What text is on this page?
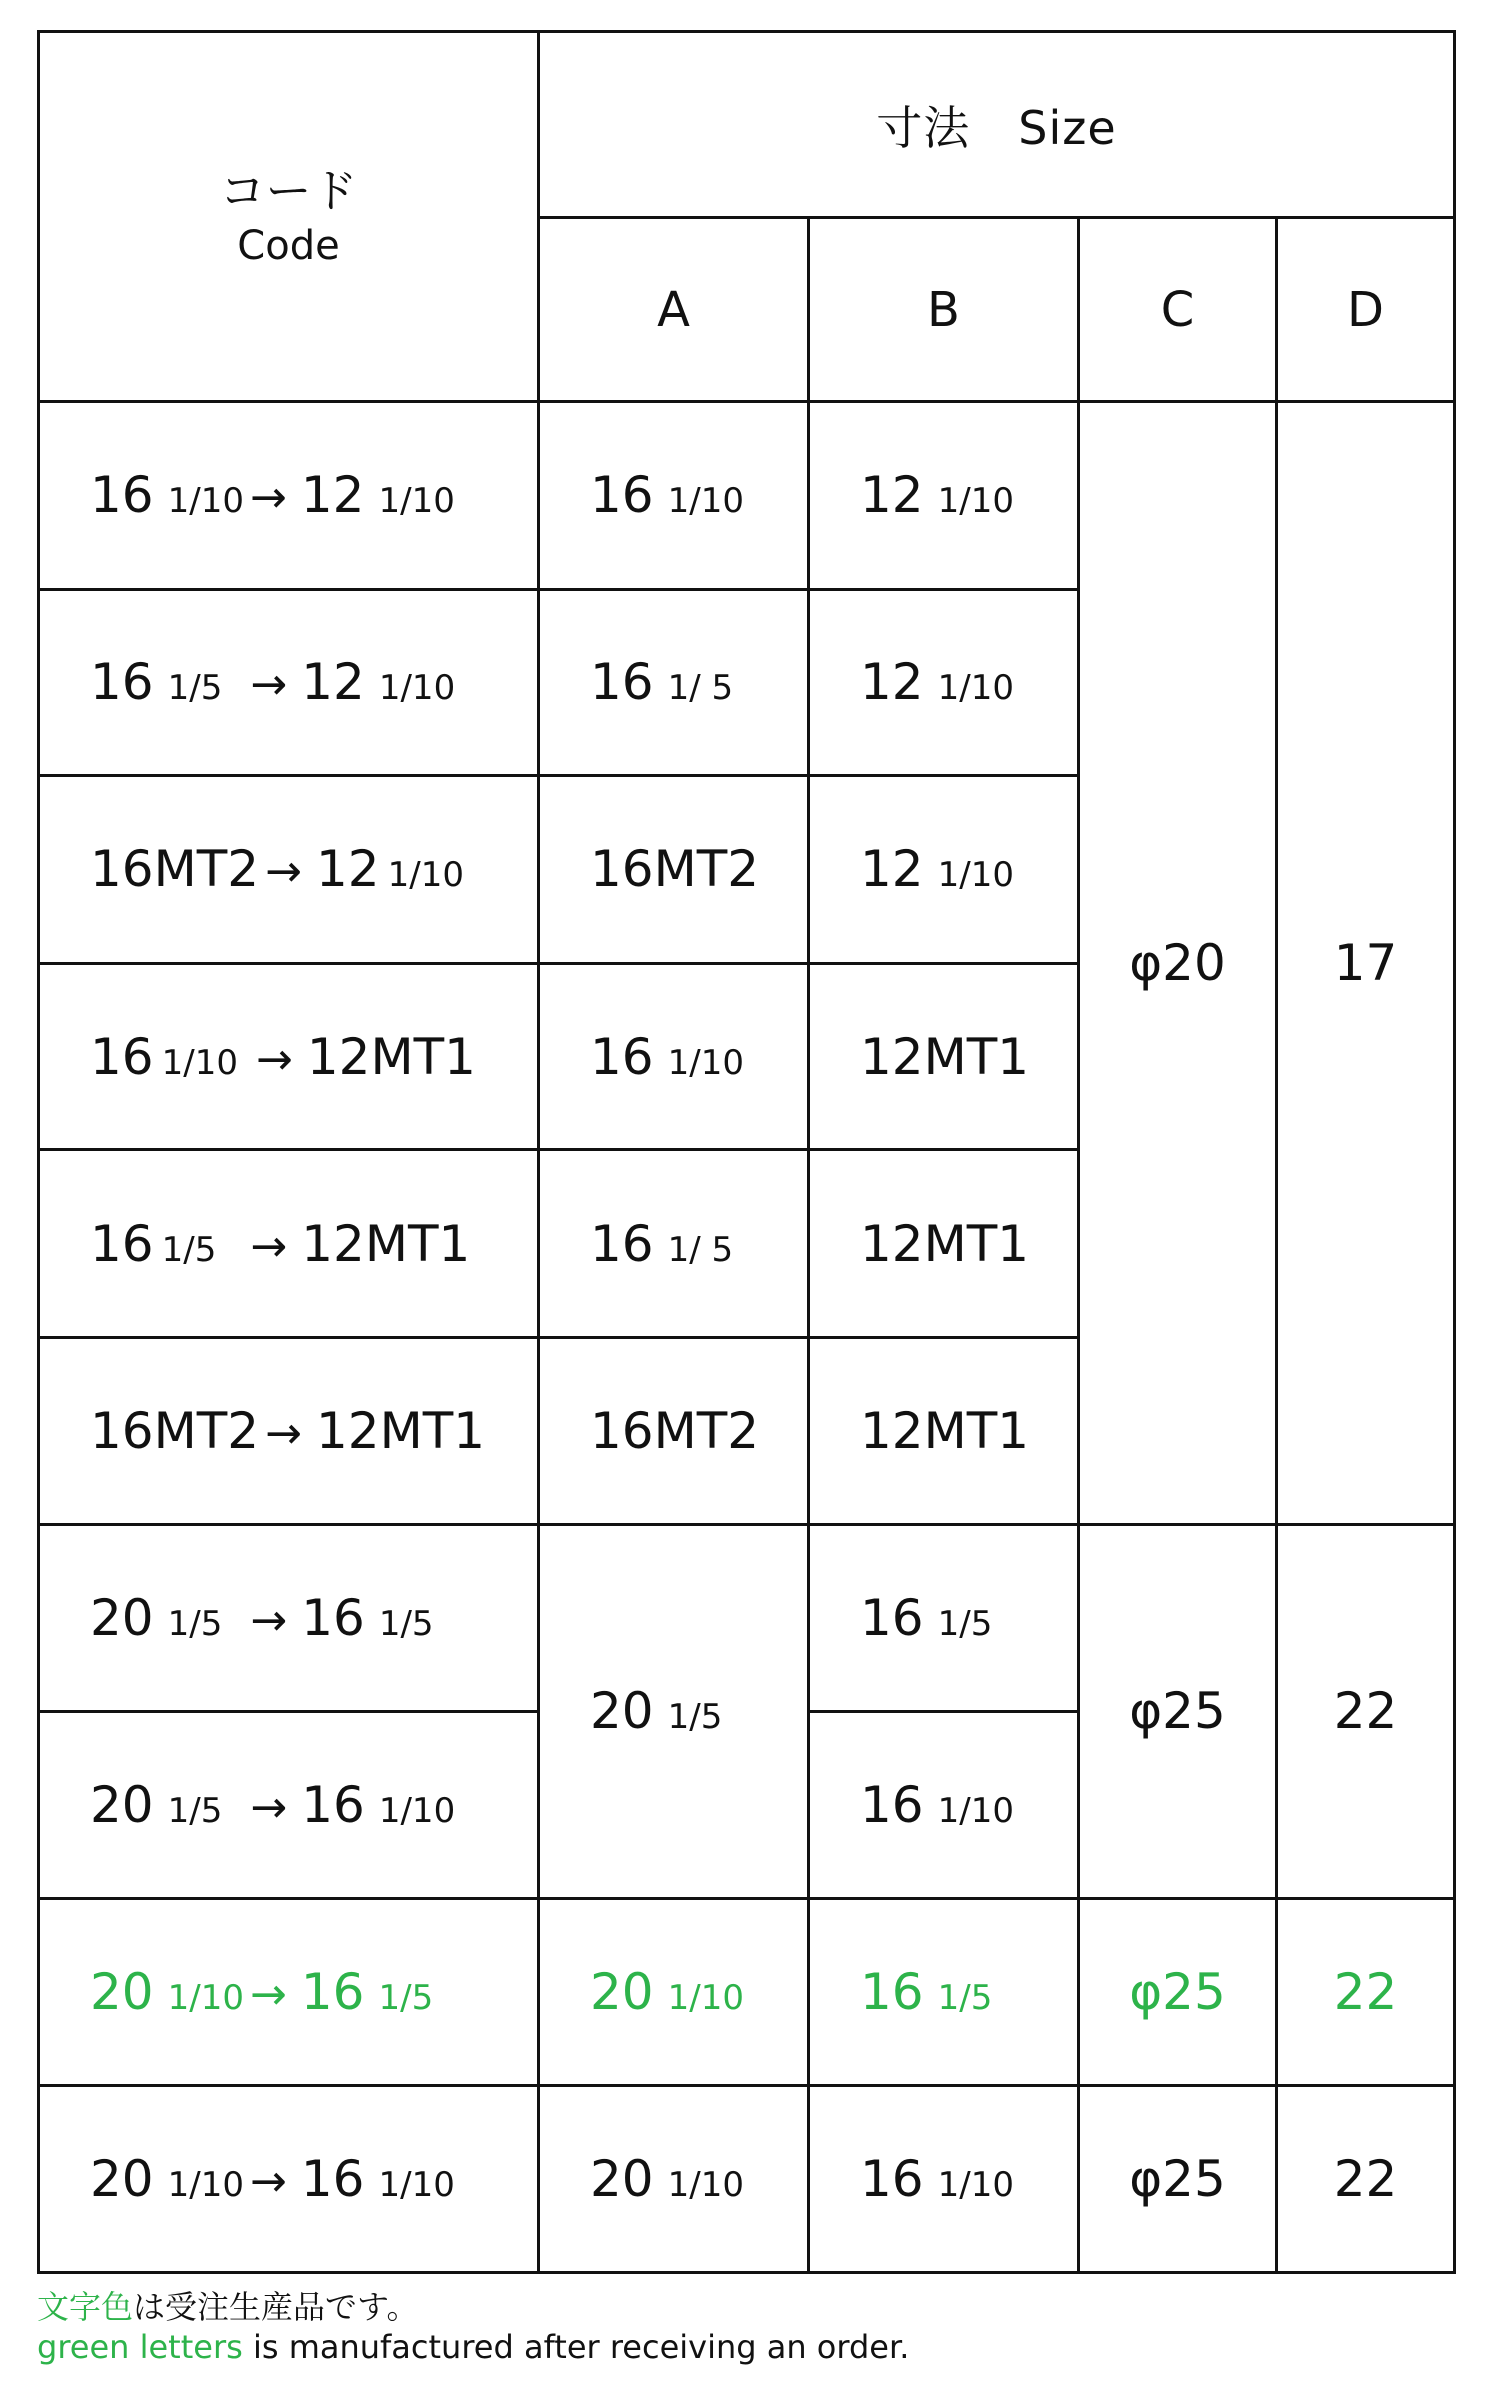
コード
Code	寸法 Size			
	A	B	C	D
16 1/10 → 12 1/10	16 1/10	12 1/10	φ20	17
16 1/5 → 12 1/10	16 1/ 5	12 1/10		
16MT2 → 12 1/10	16MT2	12 1/10		
16 1/10 → 12MT1	16 1/10	12MT1		
16 1/5 → 12MT1	16 1/ 5	12MT1		
16MT2 → 12MT1	16MT2	12MT1		
20 1/5 → 16 1/5	20 1/5	16 1/5	φ25	22
20 1/5 → 16 1/10		16 1/10		
20 1/10 → 16 1/5	20 1/10	16 1/5	φ25	22
20 1/10 → 16 1/10	20 1/10	16 1/10	φ25	22
文字色は受注生産品です。
green letters is manufactured after receiving an order.
